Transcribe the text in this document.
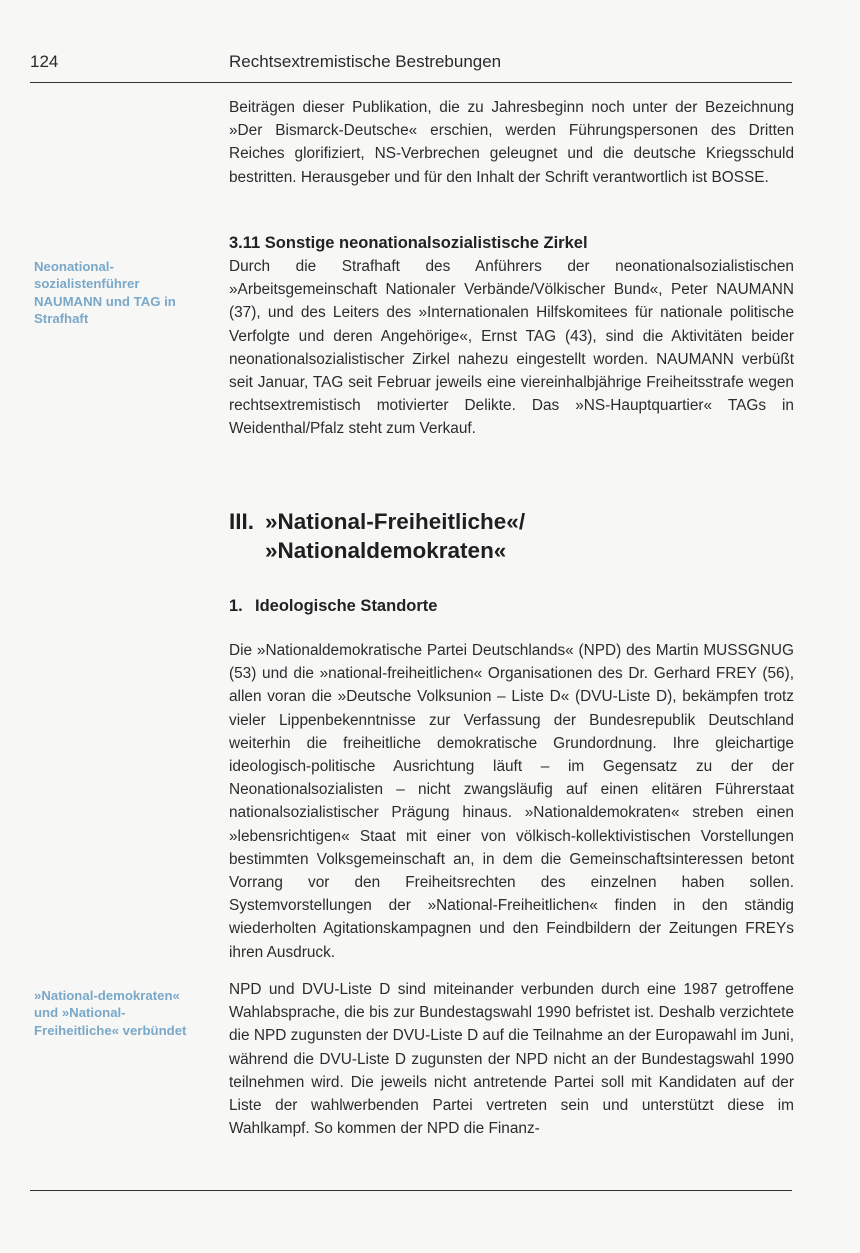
124	Rechtsextremistische Bestrebungen

Beiträgen dieser Publikation, die zu Jahresbeginn noch unter der Bezeichnung »Der Bismarck-Deutsche« erschien, werden Führungspersonen des Dritten Reiches glorifiziert, NS-Verbrechen geleugnet und die deutsche Kriegsschuld bestritten. Herausgeber und für den Inhalt der Schrift verantwortlich ist BOSSE.

3.11 Sonstige neonationalsozialistische Zirkel

Durch die Strafhaft des Anführers der neonationalsozialistischen »Arbeitsgemeinschaft Nationaler Verbände/Völkischer Bund«, Peter NAUMANN (37), und des Leiters des »Internationalen Hilfskomitees für nationale politische Verfolgte und deren Angehörige«, Ernst TAG (43), sind die Aktivitäten beider neonationalsozialistischer Zirkel nahezu eingestellt worden. NAUMANN verbüßt seit Januar, TAG seit Februar jeweils eine viereinhalbjährige Freiheitsstrafe wegen rechtsextremistisch motivierter Delikte. Das »NS-Hauptquartier« TAGs in Weidenthal/Pfalz steht zum Verkauf.

Neonational-sozialistenführer NAUMANN und TAG in Strafhaft
III. »National-Freiheitliche«/
»Nationaldemokraten«
1. Ideologische Standorte

Die »Nationaldemokratische Partei Deutschlands« (NPD) des Martin MUSSGNUG (53) und die »national-freiheitlichen« Organisationen des Dr. Gerhard FREY (56), allen voran die »Deutsche Volksunion – Liste D« (DVU-Liste D), bekämpfen trotz vieler Lippenbekenntnisse zur Verfassung der Bundesrepublik Deutschland weiterhin die freiheitliche demokratische Grundordnung. Ihre gleichartige ideologisch-politische Ausrichtung läuft – im Gegensatz zu der der Neonationalsozialisten – nicht zwangsläufig auf einen elitären Führerstaat nationalsozialistischer Prägung hinaus. »Nationaldemokraten« streben einen »lebensrichtigen« Staat mit einer von völkisch-kollektivistischen Vorstellungen bestimmten Volksgemeinschaft an, in dem die Gemeinschaftsinteressen betont Vorrang vor den Freiheitsrechten des einzelnen haben sollen. Systemvorstellungen der »National-Freiheitlichen« finden in den ständig wiederholten Agitationskampagnen und den Feindbildern der Zeitungen FREYs ihren Ausdruck.

»National-demokraten« und »National-Freiheitliche« verbündet

NPD und DVU-Liste D sind miteinander verbunden durch eine 1987 getroffene Wahlabsprache, die bis zur Bundestagswahl 1990 befristet ist. Deshalb verzichtete die NPD zugunsten der DVU-Liste D auf die Teilnahme an der Europawahl im Juni, während die DVU-Liste D zugunsten der NPD nicht an der Bundestagswahl 1990 teilnehmen wird. Die jeweils nicht antretende Partei soll mit Kandidaten auf der Liste der wahlwerbenden Partei vertreten sein und unterstützt diese im Wahlkampf. So kommen der NPD die Finanz-
